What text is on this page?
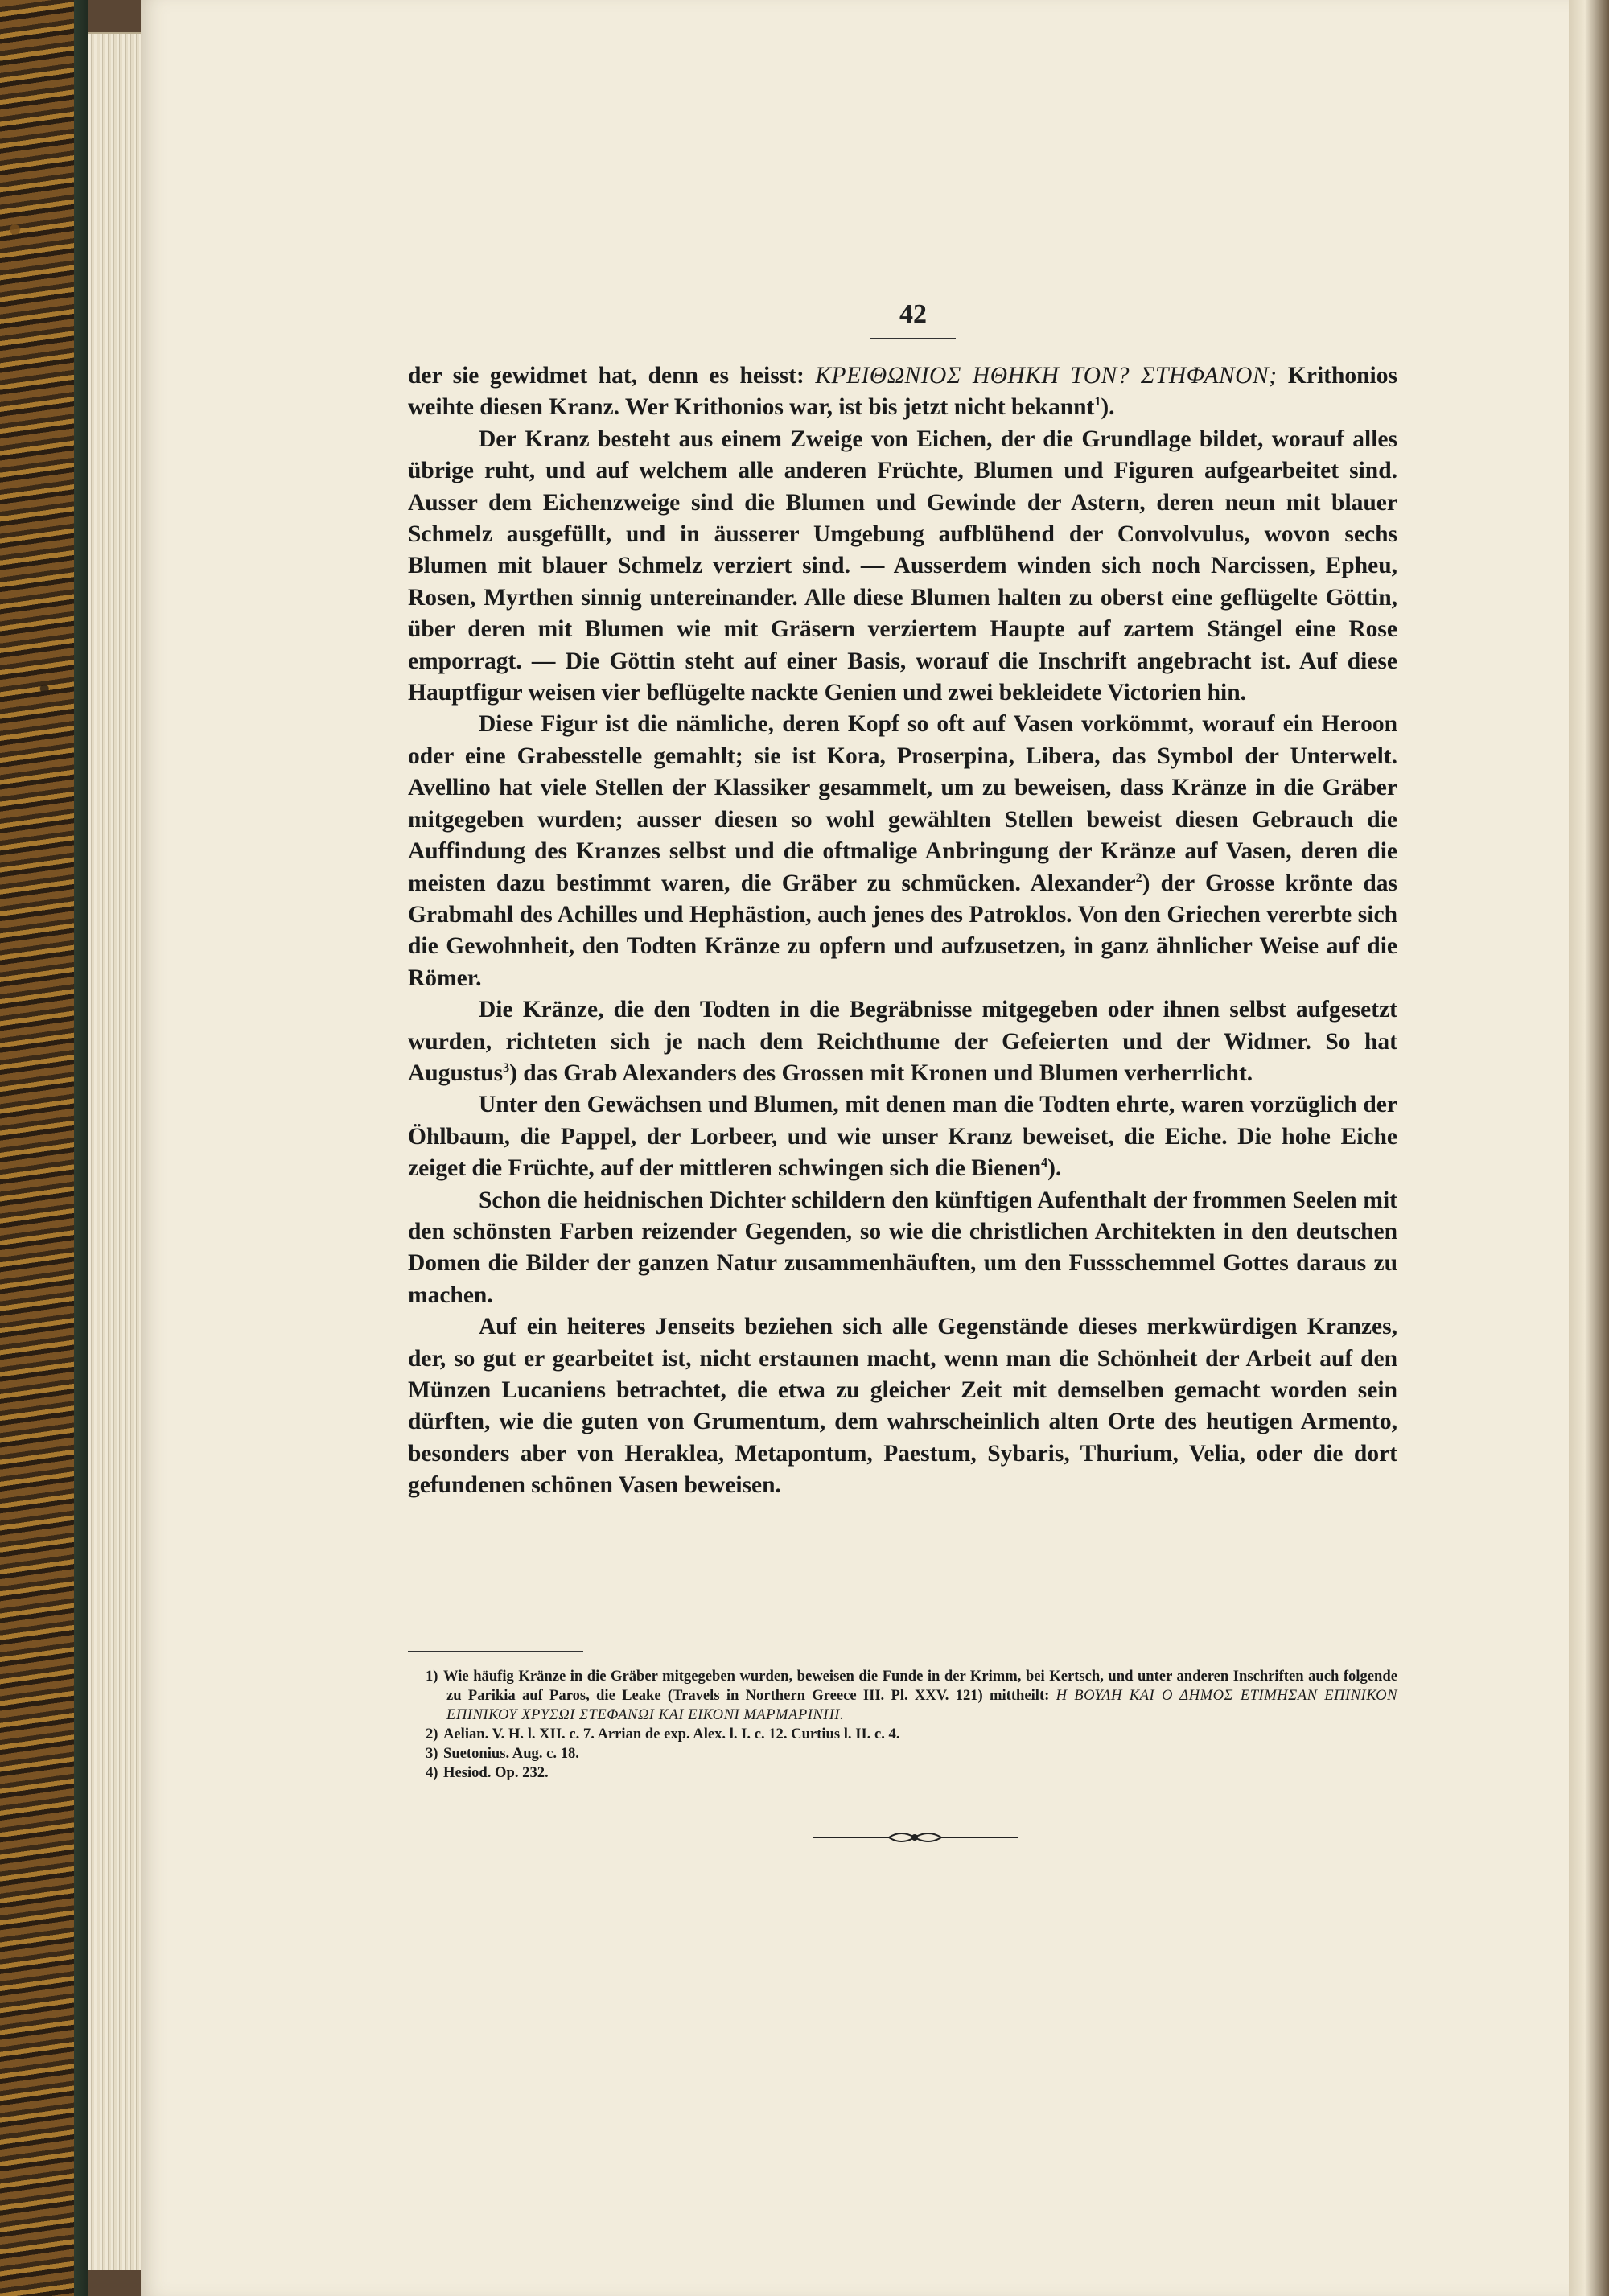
42

der sie gewidmet hat, denn es heisst: ΚΡΕΙΘΩΝΙΟΣ ΗΘΗΚΗ ΤΟΝ? ΣΤΗΦΑΝΟΝ; Krithonios weihte diesen Kranz. Wer Krithonios war, ist bis jetzt nicht bekannt$^1$).

Der Kranz besteht aus einem Zweige von Eichen, der die Grundlage bildet, worauf alles übrige ruht, und auf welchem alle anderen Früchte, Blumen und Figuren aufgearbeitet sind. Ausser dem Eichenzweige sind die Blumen und Gewinde der Astern, deren neun mit blauer Schmelz ausgefüllt, und in äusserer Umgebung aufblühend der Convolvulus, wovon sechs Blumen mit blauer Schmelz verziert sind. — Ausserdem winden sich noch Narcissen, Epheu, Rosen, Myrthen sinnig untereinander. Alle diese Blumen halten zu oberst eine geflügelte Göttin, über deren mit Blumen wie mit Gräsern verziertem Haupte auf zartem Stängel eine Rose emporragt. — Die Göttin steht auf einer Basis, worauf die Inschrift angebracht ist. Auf diese Hauptfigur weisen vier beflügelte nackte Genien und zwei bekleidete Victorien hin.

Diese Figur ist die nämliche, deren Kopf so oft auf Vasen vorkömmt, worauf ein Heroon oder eine Grabesstelle gemahlt; sie ist Kora, Proserpina, Libera, das Symbol der Unterwelt. Avellino hat viele Stellen der Klassiker gesammelt, um zu beweisen, dass Kränze in die Gräber mitgegeben wurden; ausser diesen so wohl gewählten Stellen beweist diesen Gebrauch die Auffindung des Kranzes selbst und die oftmalige Anbringung der Kränze auf Vasen, deren die meisten dazu bestimmt waren, die Gräber zu schmücken. Alexander$^2$) der Grosse krönte das Grabmahl des Achilles und Hephästion, auch jenes des Patroklos. Von den Griechen vererbte sich die Gewohnheit, den Todten Kränze zu opfern und aufzusetzen, in ganz ähnlicher Weise auf die Römer.

Die Kränze, die den Todten in die Begräbnisse mitgegeben oder ihnen selbst aufgesetzt wurden, richteten sich je nach dem Reichthume der Gefeierten und der Widmer. So hat Augustus$^3$) das Grab Alexanders des Grossen mit Kronen und Blumen verherrlicht.

Unter den Gewächsen und Blumen, mit denen man die Todten ehrte, waren vorzüglich der Öhlbaum, die Pappel, der Lorbeer, und wie unser Kranz beweiset, die Eiche. Die hohe Eiche zeiget die Früchte, auf der mittleren schwingen sich die Bienen$^4$).

Schon die heidnischen Dichter schildern den künftigen Aufenthalt der frommen Seelen mit den schönsten Farben reizender Gegenden, so wie die christlichen Architekten in den deutschen Domen die Bilder der ganzen Natur zusammenhäuften, um den Fussschemmel Gottes daraus zu machen.

Auf ein heiteres Jenseits beziehen sich alle Gegenstände dieses merkwürdigen Kranzes, der, so gut er gearbeitet ist, nicht erstaunen macht, wenn man die Schönheit der Arbeit auf den Münzen Lucaniens betrachtet, die etwa zu gleicher Zeit mit demselben gemacht worden sein dürften, wie die guten von Grumentum, dem wahrscheinlich alten Orte des heutigen Armento, besonders aber von Heraklea, Metapontum, Paestum, Sybaris, Thurium, Velia, oder die dort gefundenen schönen Vasen beweisen.

1) Wie häufig Kränze in die Gräber mitgegeben wurden, beweisen die Funde in der Krimm, bei Kertsch, und unter anderen Inschriften auch folgende zu Parikia auf Paros, die Leake (Travels in Northern Greece III. Pl. XXV. 121) mittheilt: Η ΒΟΥΛΗ ΚΑΙ Ο ΔΗΜΟΣ ΕΤΙΜΗΣΑΝ ΕΠΙΝΙΚΟΝ ΕΠΙΝΙΚΟΥ ΧΡΥΣΩΙ ΣΤΕΦΑΝΩΙ ΚΑΙ ΕΙΚΟΝΙ ΜΑΡΜΑΡΙΝΗΙ.
2) Aelian. V. H. l. XII. c. 7. Arrian de exp. Alex. l. I. c. 12. Curtius l. II. c. 4.
3) Suetonius. Aug. c. 18.
4) Hesiod. Op. 232.
